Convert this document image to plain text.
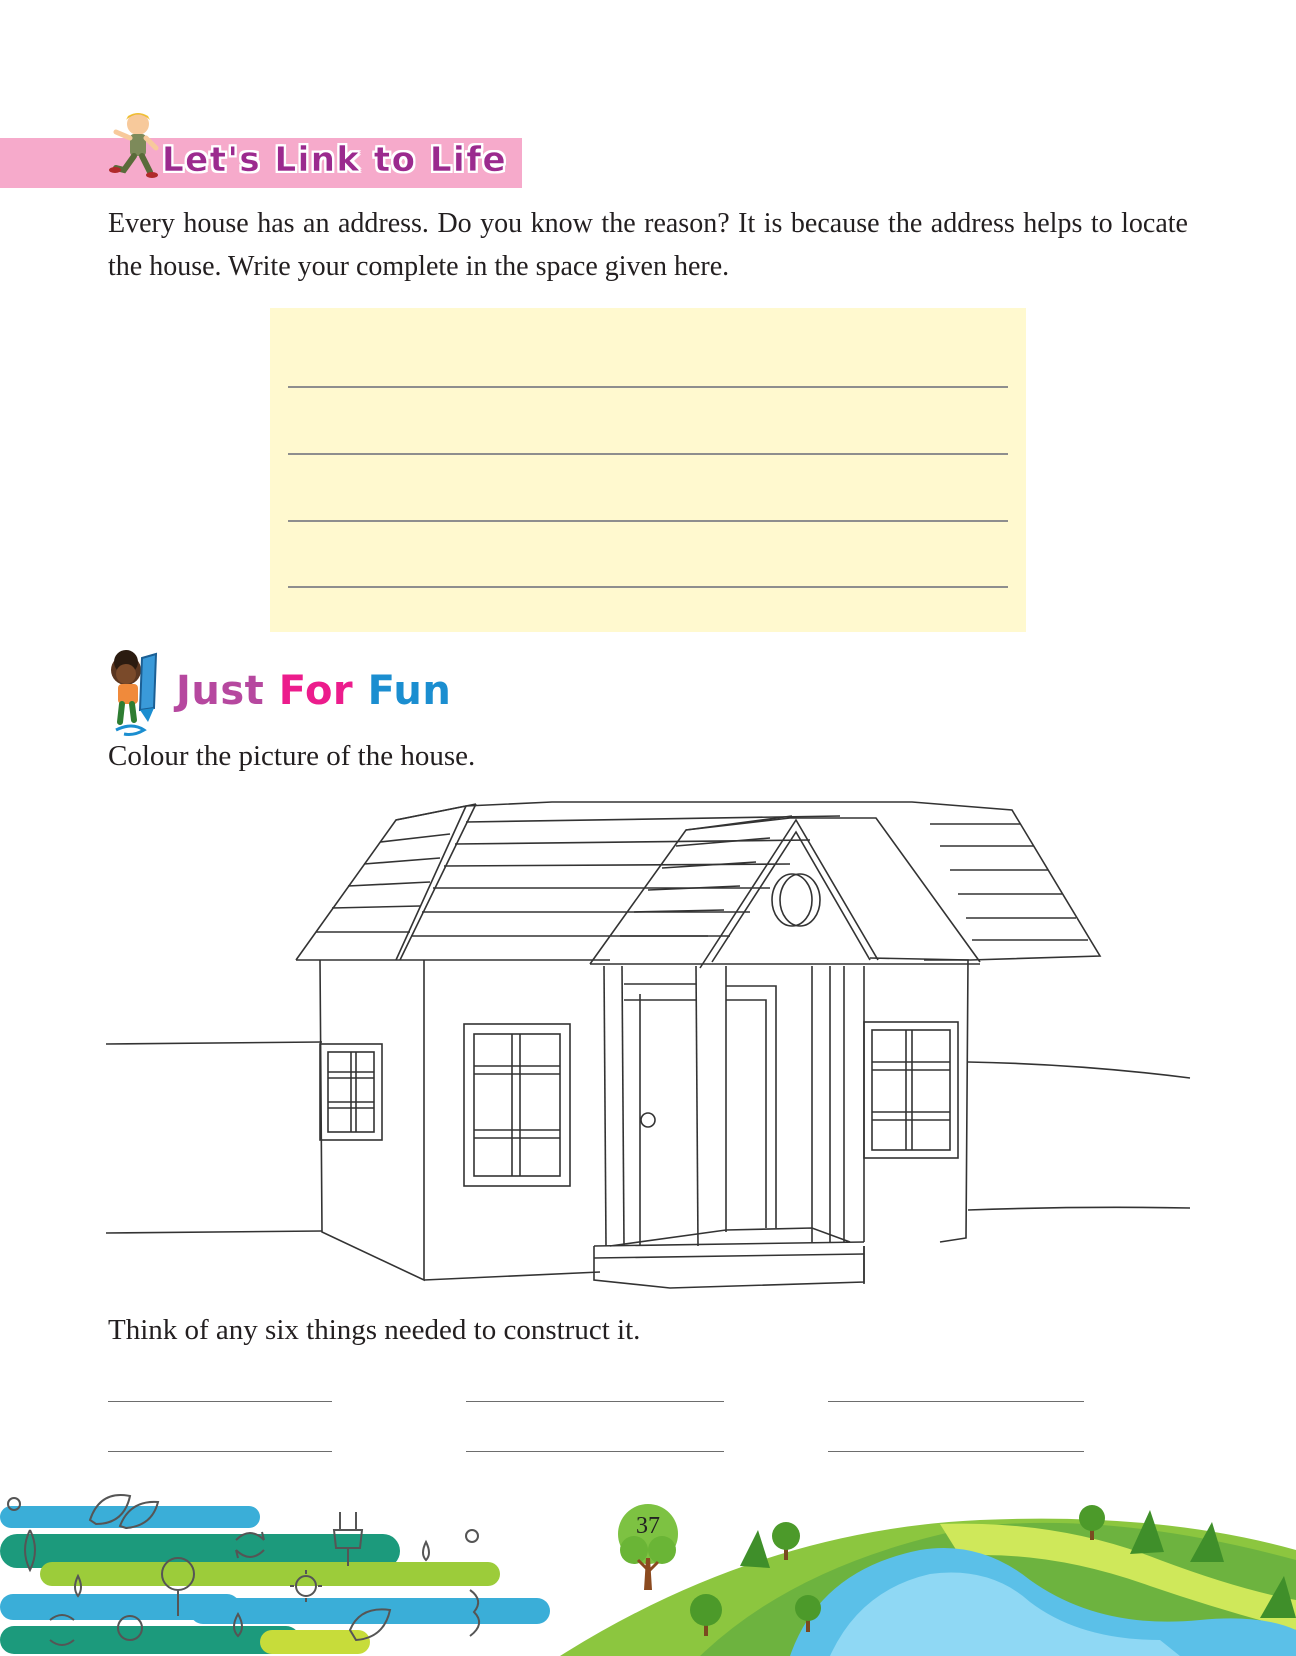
Let's Link to Life
Every house has an address. Do you know the reason? It is because the address helps to locate the house. Write your complete in the space given here.
Just For Fun
Colour the picture of the house.
Think of any six things needed to construct it.
37
